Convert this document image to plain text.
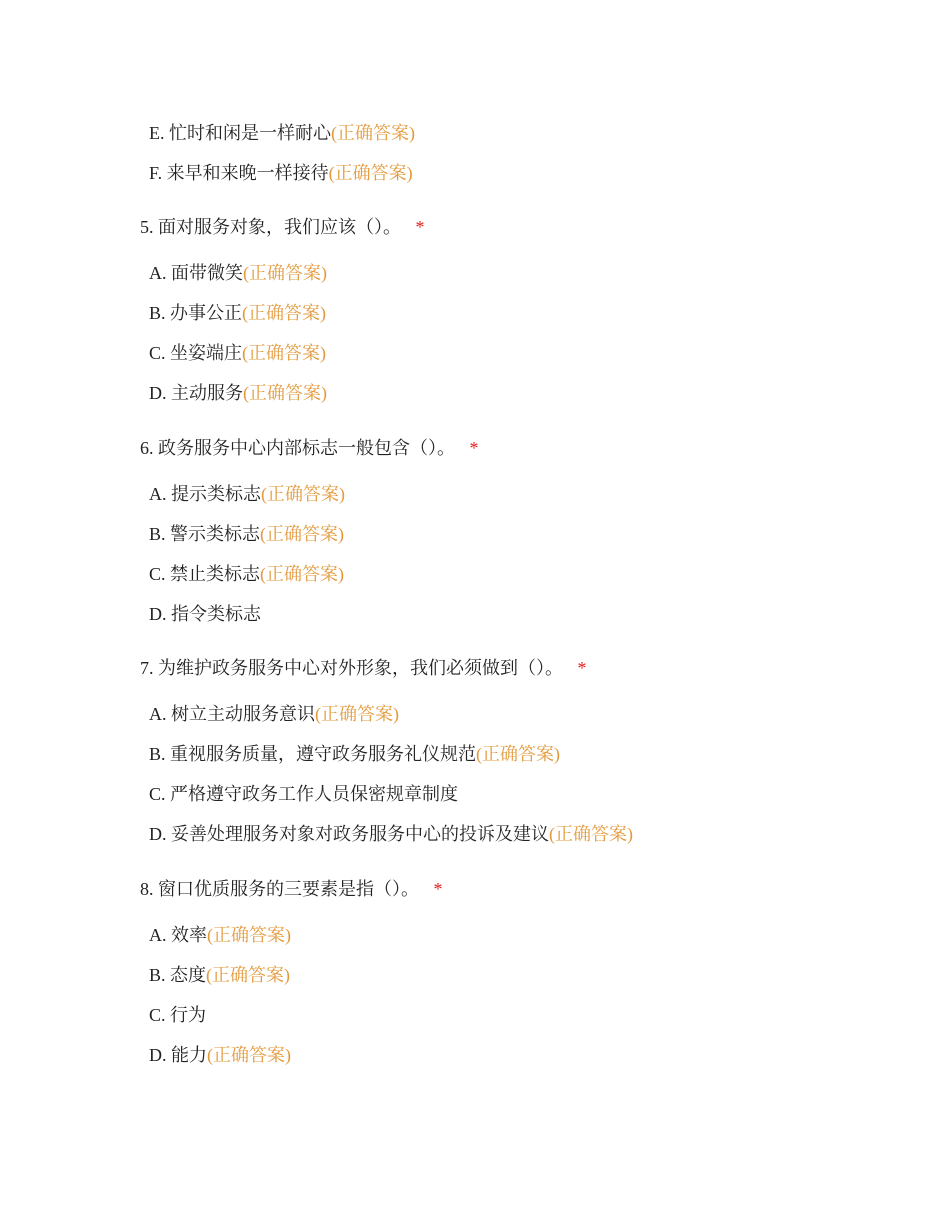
E. 忙时和闲是一样耐心(正确答案)
F. 来早和来晚一样接待(正确答案)
5. 面对服务对象，我们应该（）。 *
A. 面带微笑(正确答案)
B. 办事公正(正确答案)
C. 坐姿端庄(正确答案)
D. 主动服务(正确答案)
6. 政务服务中心内部标志一般包含（）。 *
A. 提示类标志(正确答案)
B. 警示类标志(正确答案)
C. 禁止类标志(正确答案)
D. 指令类标志
7. 为维护政务服务中心对外形象，我们必须做到（）。 *
A. 树立主动服务意识(正确答案)
B. 重视服务质量，遵守政务服务礼仪规范(正确答案)
C. 严格遵守政务工作人员保密规章制度
D. 妥善处理服务对象对政务服务中心的投诉及建议(正确答案)
8. 窗口优质服务的三要素是指（）。 *
A. 效率(正确答案)
B. 态度(正确答案)
C. 行为
D. 能力(正确答案)
